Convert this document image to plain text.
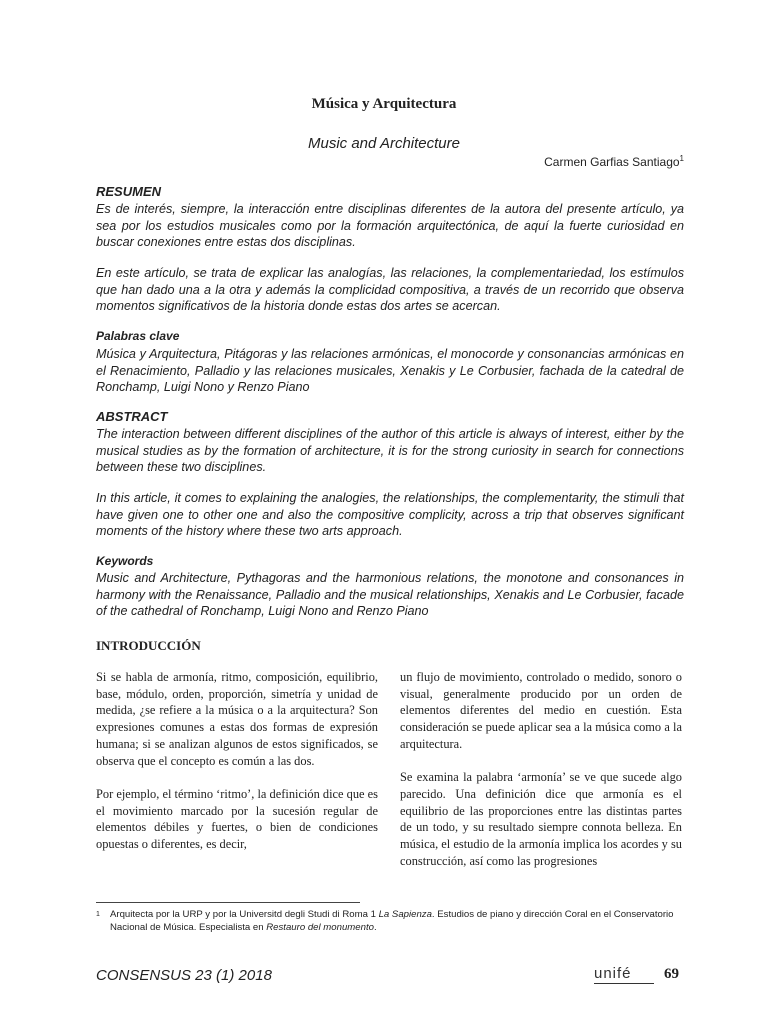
Música y Arquitectura
Music and Architecture
Carmen Garfias Santiago$^1$
RESUMEN

Es de interés, siempre, la interacción entre disciplinas diferentes de la autora del presente artículo, ya sea por los estudios musicales como por la formación arquitectónica, de aquí la fuerte curiosidad en buscar conexiones entre estas dos disciplinas.

En este artículo, se trata de explicar las analogías, las relaciones, la complementariedad, los estímulos que han dado una a la otra y además la complicidad compositiva, a través de un recorrido que observa momentos significativos de la historia donde estas dos artes se acercan.

Palabras clave

Música y Arquitectura, Pitágoras y las relaciones armónicas, el monocorde y consonancias armónicas en el Renacimiento, Palladio y las relaciones musicales, Xenakis y Le Corbusier, fachada de la catedral de Ronchamp, Luigi Nono y Renzo Piano

ABSTRACT

The interaction between different disciplines of the author of this article is always of interest, either by the musical studies as by the formation of architecture, it is for the strong curiosity in search for connections between these two disciplines.

In this article, it comes to explaining the analogies, the relationships, the complementarity, the stimuli that have given one to other one and also the compositive complicity, across a trip that observes significant moments of the history where these two arts approach.

Keywords

Music and Architecture, Pythagoras and the harmonious relations, the monotone and consonances in harmony with the Renaissance, Palladio and the musical relationships, Xenakis and Le Corbusier, facade of the cathedral of Ronchamp, Luigi Nono and Renzo Piano

INTRODUCCIÓN

Si se habla de armonía, ritmo, composición, equilibrio, base, módulo, orden, proporción, simetría y unidad de medida, ¿se refiere a la música o a la arquitectura? Son expresiones comunes a estas dos formas de expresión humana; si se analizan algunos de estos significados, se observa que el concepto es común a las dos.

Por ejemplo, el término ‘ritmo’, la definición dice que es el movimiento marcado por la sucesión regular de elementos débiles y fuertes, o bien de condiciones opuestas o diferentes, es decir,

un flujo de movimiento, controlado o medido, sonoro o visual, generalmente producido por un orden de elementos diferentes del medio en cuestión. Esta consideración se puede aplicar sea a la música como a la arquitectura.

Se examina la palabra ‘armonía’ se ve que sucede algo parecido. Una definición dice que armonía es el equilibrio de las proporciones entre las distintas partes de un todo, y su resultado siempre connota belleza. En música, el estudio de la armonía implica los acordes y su construcción, así como las progresiones

1 Arquitecta por la URP y por la Universitd degli Studi di Roma 1 La Sapienza. Estudios de piano y dirección Coral en el Conservatorio Nacional de Música. Especialista en Restauro del monumento.
CONSENSUS 23 (1) 2018	unifé	69
